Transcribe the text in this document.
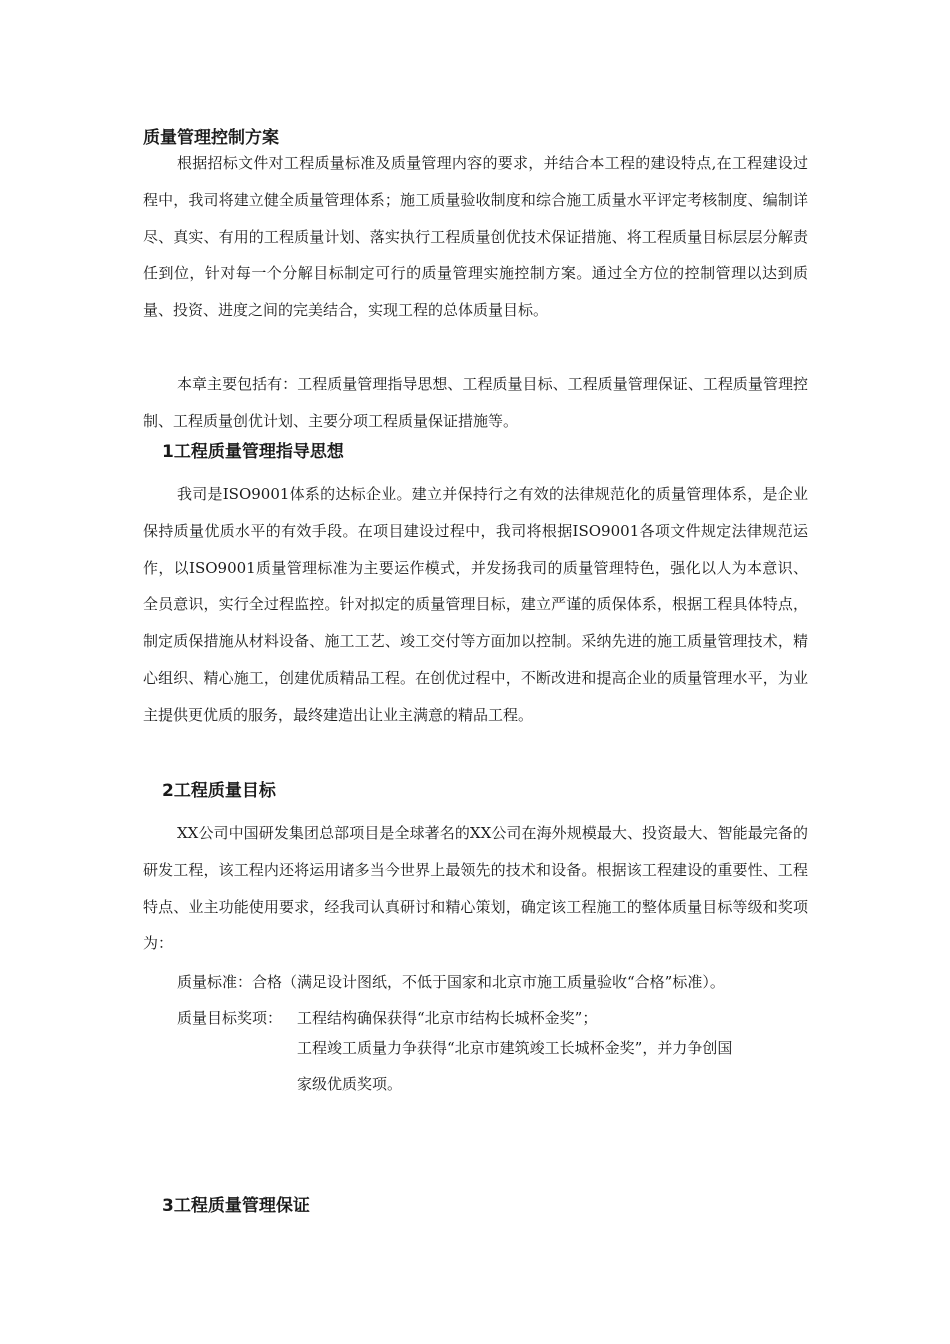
质量管理控制方案

根据招标文件对工程质量标准及质量管理内容的要求，并结合本工程的建设特点,在工程建设过程中，我司将建立健全质量管理体系；施工质量验收制度和综合施工质量水平评定考核制度、编制详尽、真实、有用的工程质量计划、落实执行工程质量创优技术保证措施、将工程质量目标层层分解责任到位，针对每一个分解目标制定可行的质量管理实施控制方案。通过全方位的控制管理以达到质量、投资、进度之间的完美结合，实现工程的总体质量目标。

本章主要包括有：工程质量管理指导思想、工程质量目标、工程质量管理保证、工程质量管理控制、工程质量创优计划、主要分项工程质量保证措施等。

1工程质量管理指导思想

我司是ISO9001体系的达标企业。建立并保持行之有效的法律规范化的质量管理体系，是企业保持质量优质水平的有效手段。在项目建设过程中，我司将根据ISO9001各项文件规定法律规范运作，以ISO9001质量管理标准为主要运作模式，并发扬我司的质量管理特色，强化以人为本意识、全员意识，实行全过程监控。针对拟定的质量管理目标，建立严谨的质保体系，根据工程具体特点，制定质保措施从材料设备、施工工艺、竣工交付等方面加以控制。采纳先进的施工质量管理技术，精心组织、精心施工，创建优质精品工程。在创优过程中，不断改进和提高企业的质量管理水平，为业主提供更优质的服务，最终建造出让业主满意的精品工程。

2工程质量目标

XX公司中国研发集团总部项目是全球著名的XX公司在海外规模最大、投资最大、智能最完备的研发工程，该工程内还将运用诸多当今世界上最领先的技术和设备。根据该工程建设的重要性、工程特点、业主功能使用要求，经我司认真研讨和精心策划，确定该工程施工的整体质量目标等级和奖项为：

质量标准：合格（满足设计图纸，不低于国家和北京市施工质量验收“合格”标准）。

质量目标奖项： 工程结构确保获得“北京市结构长城杯金奖”；

工程竣工质量力争获得“北京市建筑竣工长城杯金奖”，并力争创国

家级优质奖项。

3工程质量管理保证
